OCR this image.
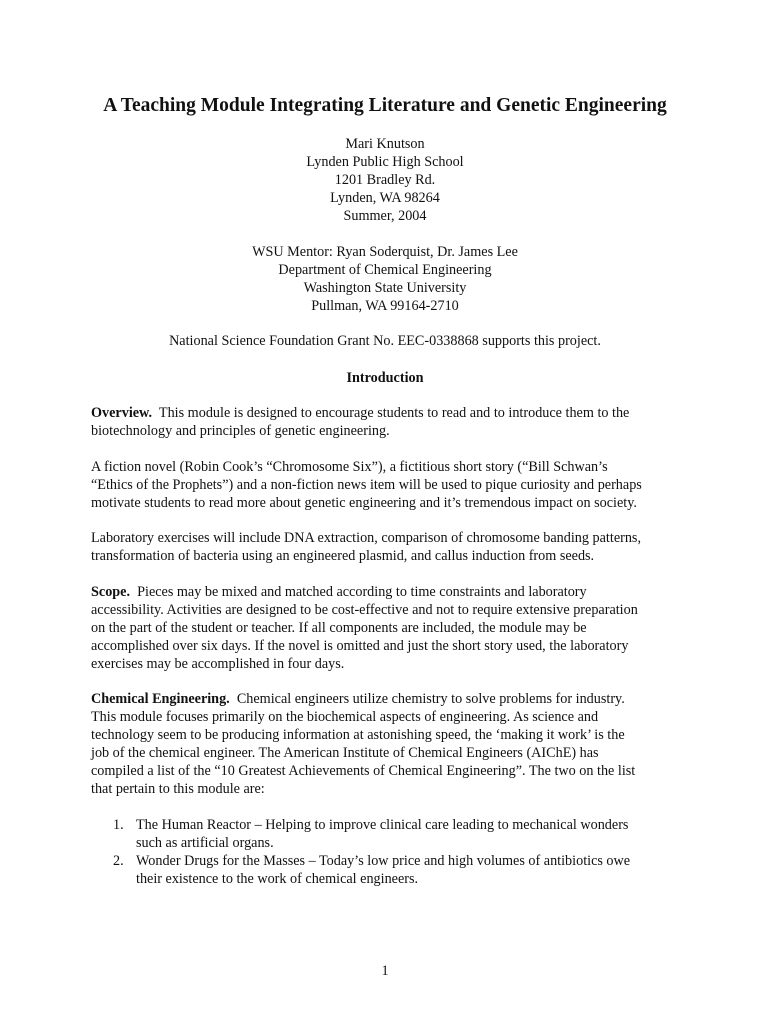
A Teaching Module Integrating Literature and Genetic Engineering
Mari Knutson
Lynden Public High School
1201 Bradley Rd.
Lynden, WA 98264
Summer, 2004
WSU Mentor: Ryan Soderquist, Dr. James Lee
Department of Chemical Engineering
Washington State University
Pullman, WA 99164-2710
National Science Foundation Grant No. EEC-0338868 supports this project.
Introduction

Overview.  This module is designed to encourage students to read and to introduce them to the
biotechnology and principles of genetic engineering.

A fiction novel (Robin Cook’s “Chromosome Six”), a fictitious short story (“Bill Schwan’s
“Ethics of the Prophets”) and a non-fiction news item will be used to pique curiosity and perhaps
motivate students to read more about genetic engineering and it’s tremendous impact on society.

Laboratory exercises will include DNA extraction, comparison of chromosome banding patterns,
transformation of bacteria using an engineered plasmid, and callus induction from seeds.

Scope.  Pieces may be mixed and matched according to time constraints and laboratory
accessibility. Activities are designed to be cost-effective and not to require extensive preparation
on the part of the student or teacher. If all components are included, the module may be
accomplished over six days. If the novel is omitted and just the short story used, the laboratory
exercises may be accomplished in four days.

Chemical Engineering.  Chemical engineers utilize chemistry to solve problems for industry.
This module focuses primarily on the biochemical aspects of engineering. As science and
technology seem to be producing information at astonishing speed, the ‘making it work’ is the
job of the chemical engineer. The American Institute of Chemical Engineers (AIChE) has
compiled a list of the “10 Greatest Achievements of Chemical Engineering”. The two on the list
that pertain to this module are:

1. The Human Reactor – Helping to improve clinical care leading to mechanical wonders
such as artificial organs.
2. Wonder Drugs for the Masses – Today’s low price and high volumes of antibiotics owe
their existence to the work of chemical engineers.
1
